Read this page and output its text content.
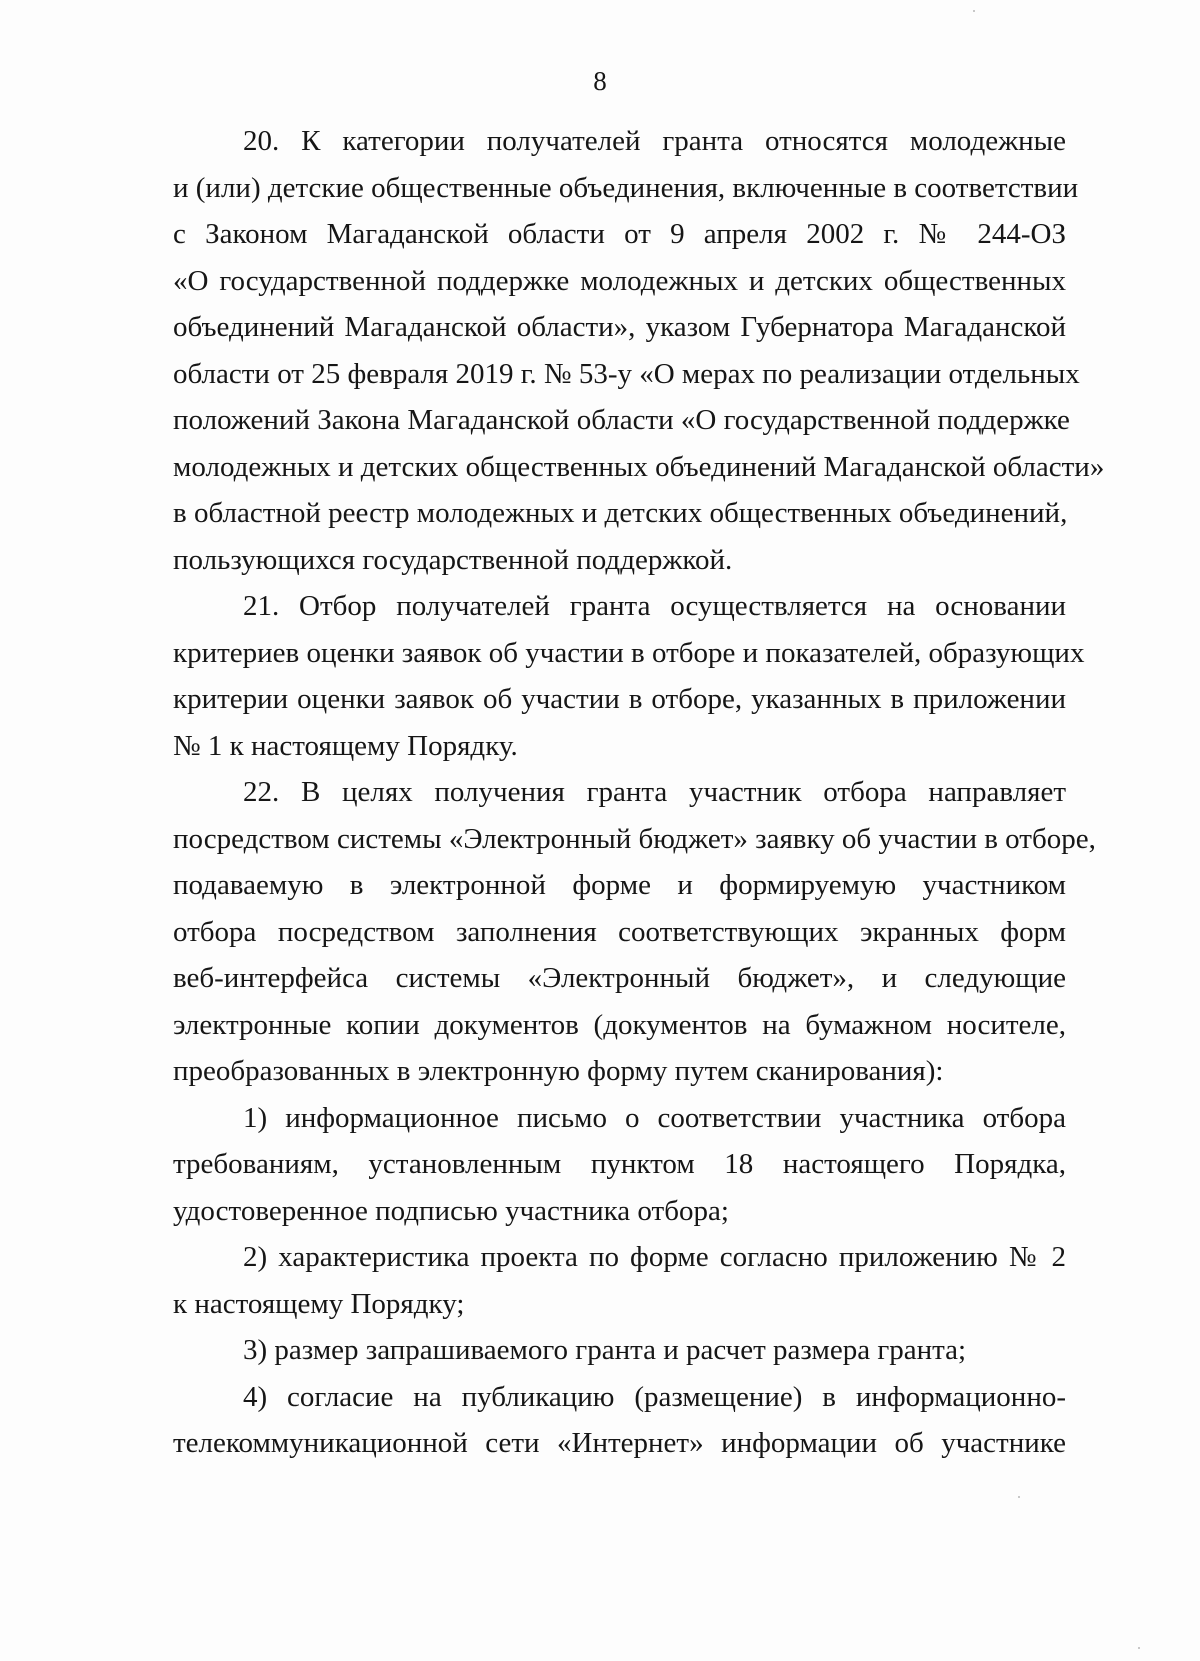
8
20. К категории получателей гранта относятся молодежные
и (или) детские общественные объединения, включенные в соответствии
с Законом Магаданской области от 9 апреля 2002 г. № 244-ОЗ
«О государственной поддержке молодежных и детских общественных
объединений Магаданской области», указом Губернатора Магаданской
области от 25 февраля 2019 г. № 53-у «О мерах по реализации отдельных
положений Закона Магаданской области «О государственной поддержке
молодежных и детских общественных объединений Магаданской области»
в областной реестр молодежных и детских общественных объединений,
пользующихся государственной поддержкой.
21. Отбор получателей гранта осуществляется на основании
критериев оценки заявок об участии в отборе и показателей, образующих
критерии оценки заявок об участии в отборе, указанных в приложении
№ 1 к настоящему Порядку.
22. В целях получения гранта участник отбора направляет
посредством системы «Электронный бюджет» заявку об участии в отборе,
подаваемую в электронной форме и формируемую участником
отбора посредством заполнения соответствующих экранных форм
веб-интерфейса системы «Электронный бюджет», и следующие
электронные копии документов (документов на бумажном носителе,
преобразованных в электронную форму путем сканирования):
1) информационное письмо о соответствии участника отбора
требованиям, установленным пунктом 18 настоящего Порядка,
удостоверенное подписью участника отбора;
2) характеристика проекта по форме согласно приложению № 2
к настоящему Порядку;
3) размер запрашиваемого гранта и расчет размера гранта;
4) согласие на публикацию (размещение) в информационно-
телекоммуникационной сети «Интернет» информации об участнике
